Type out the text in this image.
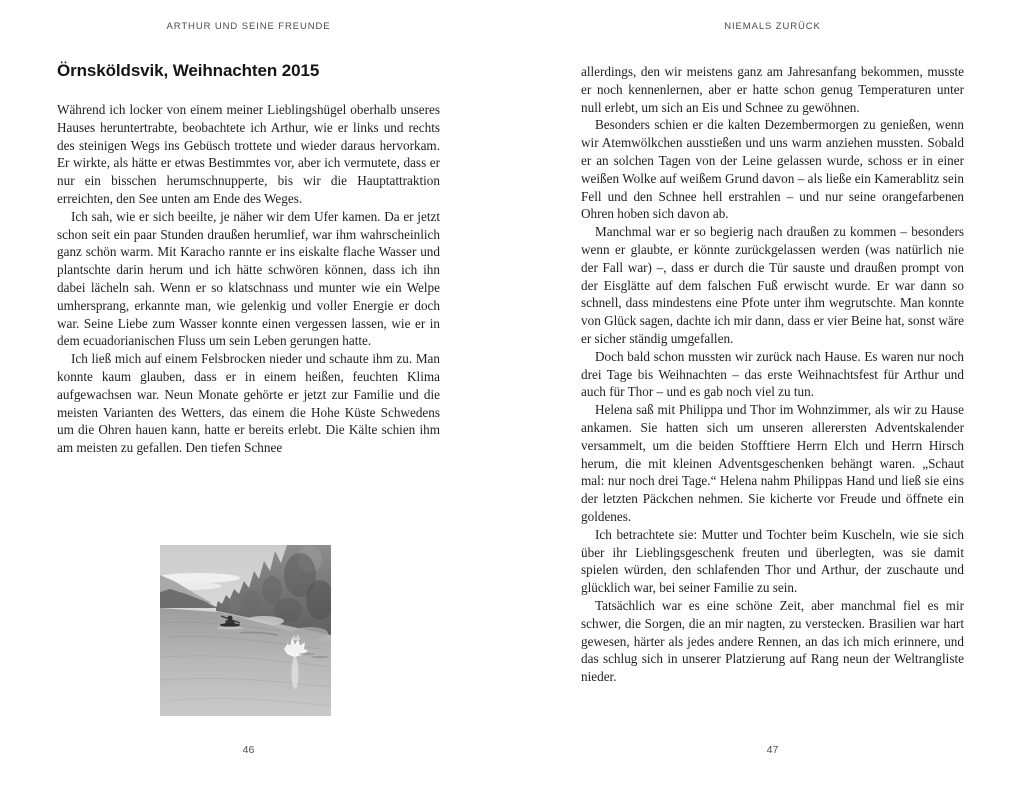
ARTHUR UND SEINE FREUNDE
Örnsköldsvik, Weihnachten 2015

Während ich locker von einem meiner Lieblingshügel oberhalb unseres Hauses heruntertrabte, beobachtete ich Arthur, wie er links und rechts des steinigen Wegs ins Gebüsch trottete und wieder daraus hervorkam. Er wirkte, als hätte er etwas Bestimmtes vor, aber ich vermutete, dass er nur ein bisschen herumschnupperte, bis wir die Hauptattraktion erreichten, den See unten am Ende des Weges.

Ich sah, wie er sich beeilte, je näher wir dem Ufer kamen. Da er jetzt schon seit ein paar Stunden draußen herumlief, war ihm wahrscheinlich ganz schön warm. Mit Karacho rannte er ins eiskalte flache Wasser und plantschte darin herum und ich hätte schwören können, dass ich ihn dabei lächeln sah. Wenn er so klatschnass und munter wie ein Welpe umhersprang, erkannte man, wie gelenkig und voller Energie er doch war. Seine Liebe zum Wasser konnte einen vergessen lassen, wie er in dem ecuadorianischen Fluss um sein Leben gerungen hatte.

Ich ließ mich auf einem Felsbrocken nieder und schaute ihm zu. Man konnte kaum glauben, dass er in einem heißen, feuchten Klima aufgewachsen war. Neun Monate gehörte er jetzt zur Familie und die meisten Varianten des Wetters, das einem die Hohe Küste Schwedens um die Ohren hauen kann, hatte er bereits erlebt. Die Kälte schien ihm am meisten zu gefallen. Den tiefen Schnee

46
NIEMALS ZURÜCK

allerdings, den wir meistens ganz am Jahresanfang bekommen, musste er noch kennenlernen, aber er hatte schon genug Temperaturen unter null erlebt, um sich an Eis und Schnee zu gewöhnen.

Besonders schien er die kalten Dezembermorgen zu genießen, wenn wir Atemwölkchen ausstießen und uns warm anziehen mussten. Sobald er an solchen Tagen von der Leine gelassen wurde, schoss er in einer weißen Wolke auf weißem Grund davon – als ließe ein Kamerablitz sein Fell und den Schnee hell erstrahlen – und nur seine orangefarbenen Ohren hoben sich davon ab.

Manchmal war er so begierig nach draußen zu kommen – besonders wenn er glaubte, er könnte zurückgelassen werden (was natürlich nie der Fall war) –, dass er durch die Tür sauste und draußen prompt von der Eisglätte auf dem falschen Fuß erwischt wurde. Er war dann so schnell, dass mindestens eine Pfote unter ihm wegrutschte. Man konnte von Glück sagen, dachte ich mir dann, dass er vier Beine hat, sonst wäre er sicher ständig umgefallen.

Doch bald schon mussten wir zurück nach Hause. Es waren nur noch drei Tage bis Weihnachten – das erste Weihnachtsfest für Arthur und auch für Thor – und es gab noch viel zu tun.

Helena saß mit Philippa und Thor im Wohnzimmer, als wir zu Hause ankamen. Sie hatten sich um unseren allerersten Adventskalender versammelt, um die beiden Stofftiere Herrn Elch und Herrn Hirsch herum, die mit kleinen Adventsgeschenken behängt waren. „Schaut mal: nur noch drei Tage.“ Helena nahm Philippas Hand und ließ sie eins der letzten Päckchen nehmen. Sie kicherte vor Freude und öffnete ein goldenes.

Ich betrachtete sie: Mutter und Tochter beim Kuscheln, wie sie sich über ihr Lieblingsgeschenk freuten und überlegten, was sie damit spielen würden, den schlafenden Thor und Arthur, der zuschaute und glücklich war, bei seiner Familie zu sein.

Tatsächlich war es eine schöne Zeit, aber manchmal fiel es mir schwer, die Sorgen, die an mir nagten, zu verstecken. Brasilien war hart gewesen, härter als jedes andere Rennen, an das ich mich erinnere, und das schlug sich in unserer Platzierung auf Rang neun der Weltrangliste nieder.

47
